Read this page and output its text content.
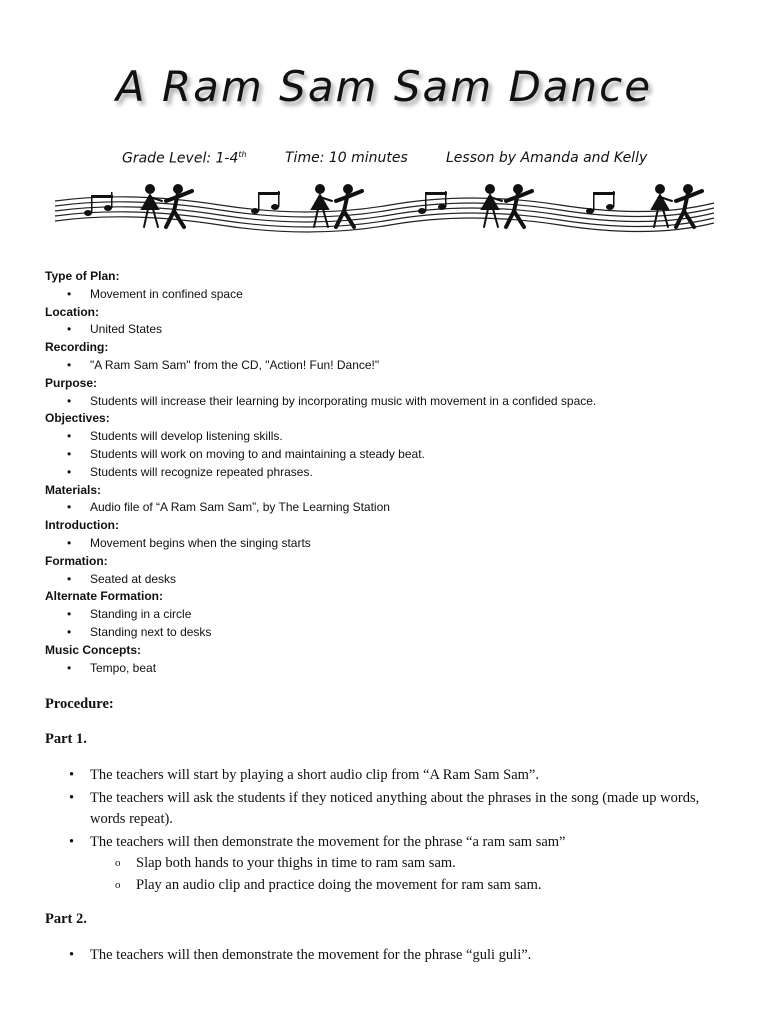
A Ram Sam Sam Dance
Grade Level: 1-4th	Time: 10 minutes	Lesson by Amanda and Kelly
Type of Plan:
• Movement in confined space
Location:
• United States
Recording:
• "A Ram Sam Sam" from the CD, "Action! Fun! Dance!"
Purpose:
• Students will increase their learning by incorporating music with movement in a confided space.
Objectives:
• Students will develop listening skills.
• Students will work on moving to and maintaining a steady beat.
• Students will recognize repeated phrases.
Materials:
• Audio file of “A Ram Sam Sam”, by The Learning Station
Introduction:
• Movement begins when the singing starts
Formation:
• Seated at desks
Alternate Formation:
• Standing in a circle
• Standing next to desks
Music Concepts:
• Tempo, beat
Procedure:
Part 1.
• The teachers will start by playing a short audio clip from “A Ram Sam Sam”.
• The teachers will ask the students if they noticed anything about the phrases in the song (made up words, words repeat).
• The teachers will then demonstrate the movement for the phrase “a ram sam sam”
o Slap both hands to your thighs in time to ram sam sam.
o Play an audio clip and practice doing the movement for ram sam sam.
Part 2.
• The teachers will then demonstrate the movement for the phrase “guli guli”.
